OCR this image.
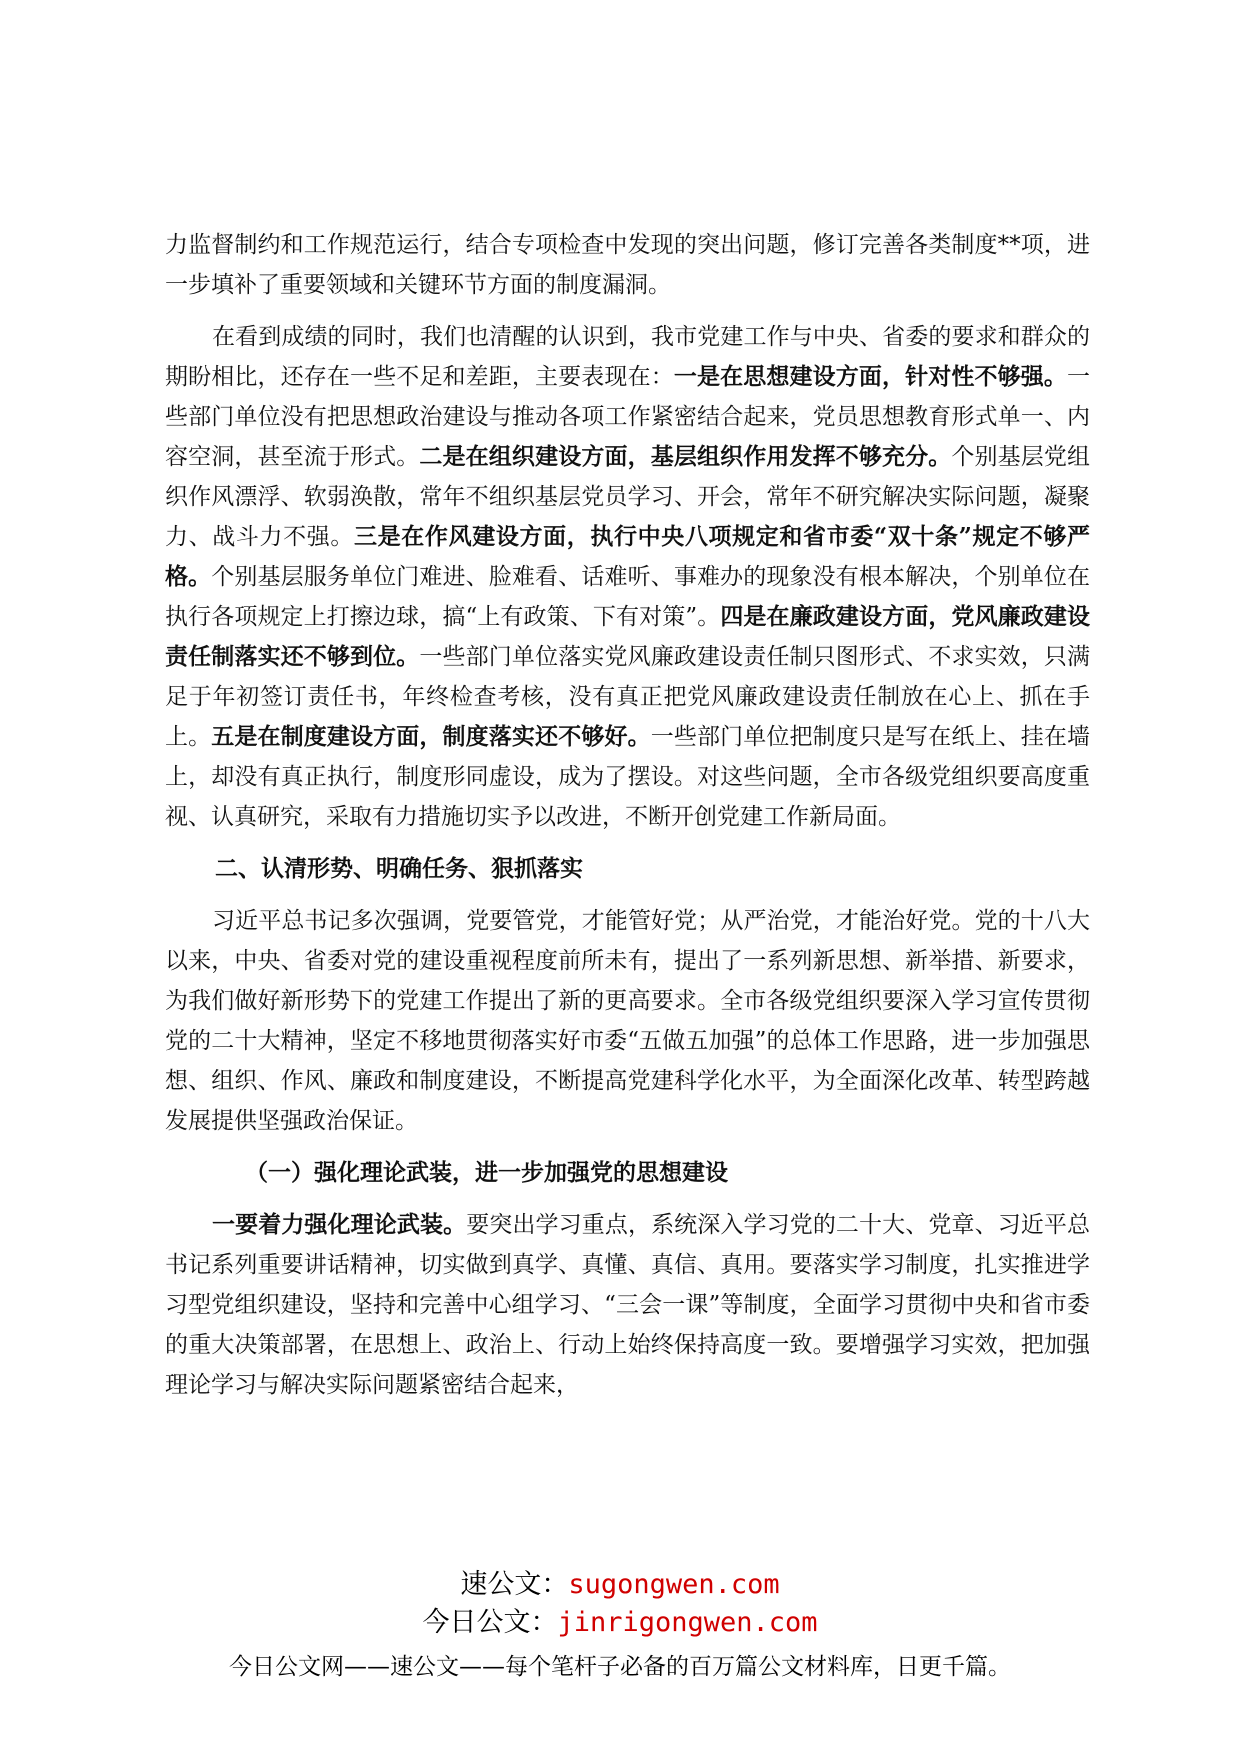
力监督制约和工作规范运行，结合专项检查中发现的突出问题，修订完善各类制度**项，进一步填补了重要领域和关键环节方面的制度漏洞。

在看到成绩的同时，我们也清醒的认识到，我市党建工作与中央、省委的要求和群众的期盼相比，还存在一些不足和差距，主要表现在：一是在思想建设方面，针对性不够强。一些部门单位没有把思想政治建设与推动各项工作紧密结合起来，党员思想教育形式单一、内容空洞，甚至流于形式。二是在组织建设方面，基层组织作用发挥不够充分。个别基层党组织作风漂浮、软弱涣散，常年不组织基层党员学习、开会，常年不研究解决实际问题，凝聚力、战斗力不强。三是在作风建设方面，执行中央八项规定和省市委“双十条”规定不够严格。个别基层服务单位门难进、脸难看、话难听、事难办的现象没有根本解决，个别单位在执行各项规定上打擦边球，搞“上有政策、下有对策”。四是在廉政建设方面，党风廉政建设责任制落实还不够到位。一些部门单位落实党风廉政建设责任制只图形式、不求实效，只满足于年初签订责任书，年终检查考核，没有真正把党风廉政建设责任制放在心上、抓在手上。五是在制度建设方面，制度落实还不够好。一些部门单位把制度只是写在纸上、挂在墙上，却没有真正执行，制度形同虚设，成为了摆设。对这些问题，全市各级党组织要高度重视、认真研究，采取有力措施切实予以改进，不断开创党建工作新局面。

二、认清形势、明确任务、狠抓落实

习近平总书记多次强调，党要管党，才能管好党；从严治党，才能治好党。党的十八大以来，中央、省委对党的建设重视程度前所未有，提出了一系列新思想、新举措、新要求，为我们做好新形势下的党建工作提出了新的更高要求。全市各级党组织要深入学习宣传贯彻党的二十大精神，坚定不移地贯彻落实好市委“五做五加强”的总体工作思路，进一步加强思想、组织、作风、廉政和制度建设，不断提高党建科学化水平，为全面深化改革、转型跨越发展提供坚强政治保证。

（一）强化理论武装，进一步加强党的思想建设

一要着力强化理论武装。要突出学习重点，系统深入学习党的二十大、党章、习近平总书记系列重要讲话精神，切实做到真学、真懂、真信、真用。要落实学习制度，扎实推进学习型党组织建设，坚持和完善中心组学习、“三会一课”等制度，全面学习贯彻中央和省市委的重大决策部署，在思想上、政治上、行动上始终保持高度一致。要增强学习实效，把加强理论学习与解决实际问题紧密结合起来，

速公文：sugongwen.com
今日公文：jinrigongwen.com
今日公文网——速公文——每个笔杆子必备的百万篇公文材料库，日更千篇。
